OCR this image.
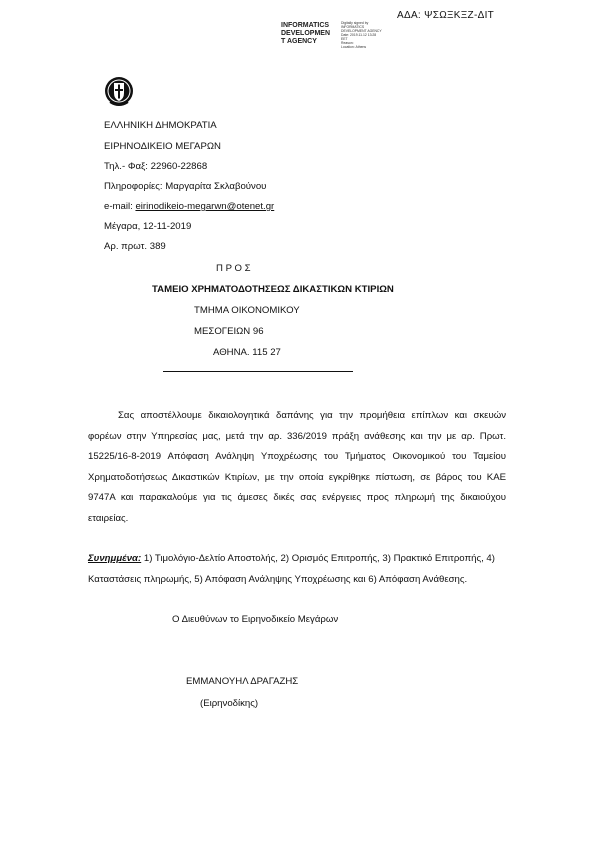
ΑΔΑ: ΨΣΩΞΚΞΖ-ΔΙΤ
INFORMATICS
DEVELOPMEN
T AGENCY
Digitally signed by
INFORMATICS
DEVELOPMENT AGENCY
Date: 2019.11.12 13:28
EET
Reason:
Location: Athens
ΕΛΛΗΝΙΚΗ ΔΗΜΟΚΡΑΤΙΑ
ΕΙΡΗΝΟΔΙΚΕΙΟ ΜΕΓΑΡΩΝ
Τηλ.- Φαξ: 22960-22868
Πληροφορίες: Μαργαρίτα Σκλαβούνου
e-mail: eirinodikeio-megarwn@otenet.gr
Μέγαρα, 12-11-2019
Αρ. πρωτ. 389
Π Ρ Ο Σ
ΤΑΜΕΙΟ ΧΡΗΜΑΤΟΔΟΤΗΣΕΩΣ ΔΙΚΑΣΤΙΚΩΝ ΚΤΙΡΙΩΝ
ΤΜΗΜΑ ΟΙΚΟΝΟΜΙΚΟΥ
ΜΕΣΟΓΕΙΩΝ 96
ΑΘΗΝΑ. 115 27
Σας αποστέλλουμε δικαιολογητικά δαπάνης για την προμήθεια επίπλων και σκευών φορέων στην Υπηρεσίας μας, μετά την αρ. 336/2019 πράξη ανάθεσης και την με αρ. Πρωτ. 15225/16-8-2019 Απόφαση Ανάληψη Υποχρέωσης του Τμήματος Οικονομικού του Ταμείου Χρηματοδοτήσεως Δικαστικών Κτιρίων, με την οποία εγκρίθηκε πίστωση, σε βάρος του ΚΑΕ 9747Α και παρακαλούμε για τις άμεσες δικές σας ενέργειες προς πληρωμή της δικαιούχου εταιρείας.
Συνημμένα: 1) Τιμολόγιο-Δελτίο Αποστολής, 2) Ορισμός Επιτροπής, 3) Πρακτικό Επιτροπής, 4) Καταστάσεις πληρωμής, 5) Απόφαση Ανάληψης Υποχρέωσης και 6) Απόφαση Ανάθεσης.
Ο Διευθύνων το Ειρηνοδικείο Μεγάρων
ΕΜΜΑΝΟΥΗΛ ΔΡΑΓΑΖΗΣ
(Ειρηνοδίκης)
